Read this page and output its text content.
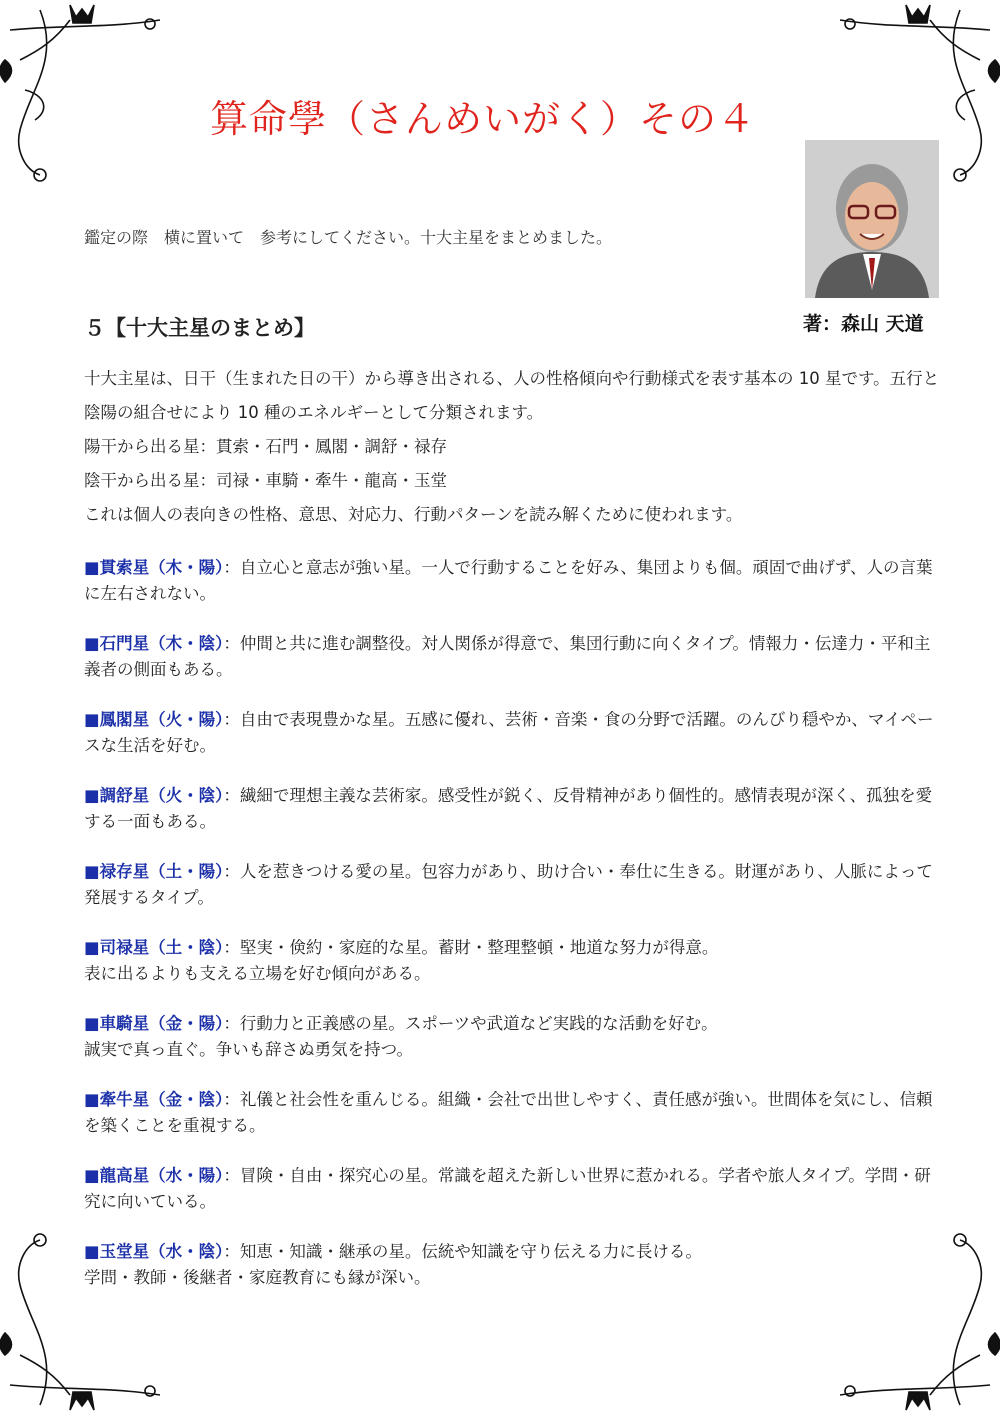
算命學（さんめいがく）その４
著：森山 天道
鑑定の際　横に置いて　参考にしてください。十大主星をまとめました。
５【十大主星のまとめ】

十大主星は、日干（生まれた日の干）から導き出される、人の性格傾向や行動様式を表す基本の 10 星です。五行と陰陽の組合せにより 10 種のエネルギーとして分類されます。

陽干から出る星：貫索・石門・鳳閣・調舒・禄存

陰干から出る星：司禄・車騎・牽牛・龍高・玉堂

これは個人の表向きの性格、意思、対応力、行動パターンを読み解くために使われます。

■貫索星（木・陽）：自立心と意志が強い星。一人で行動することを好み、集団よりも個。頑固で曲げず、人の言葉に左右されない。

■石門星（木・陰）：仲間と共に進む調整役。対人関係が得意で、集団行動に向くタイプ。情報力・伝達力・平和主義者の側面もある。

■鳳閣星（火・陽）：自由で表現豊かな星。五感に優れ、芸術・音楽・食の分野で活躍。のんびり穏やか、マイペースな生活を好む。

■調舒星（火・陰）：繊細で理想主義な芸術家。感受性が鋭く、反骨精神があり個性的。感情表現が深く、孤独を愛する一面もある。

■禄存星（土・陽）：人を惹きつける愛の星。包容力があり、助け合い・奉仕に生きる。財運があり、人脈によって発展するタイプ。

■司禄星（土・陰）：堅実・倹約・家庭的な星。蓄財・整理整頓・地道な努力が得意。
表に出るよりも支える立場を好む傾向がある。

■車騎星（金・陽）：行動力と正義感の星。スポーツや武道など実践的な活動を好む。
誠実で真っ直ぐ。争いも辞さぬ勇気を持つ。

■牽牛星（金・陰）：礼儀と社会性を重んじる。組織・会社で出世しやすく、責任感が強い。世間体を気にし、信頼を築くことを重視する。

■龍高星（水・陽）：冒険・自由・探究心の星。常識を超えた新しい世界に惹かれる。学者や旅人タイプ。学問・研究に向いている。

■玉堂星（水・陰）：知恵・知識・継承の星。伝統や知識を守り伝える力に長ける。
学問・教師・後継者・家庭教育にも縁が深い。
